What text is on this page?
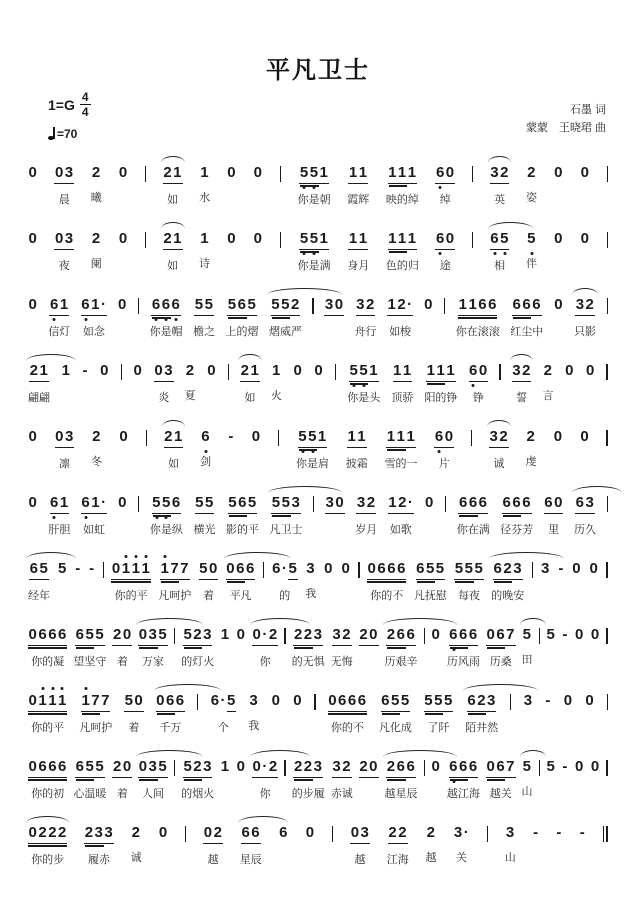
平凡卫士
$1=G \frac{4}{4}$
=70
石墨 词
蒙蒙　王晓珺 曲
0 0 3
晨
2
曦
0 2 1
如
1
水
0 0 5 5 1
你是朝
1 1
霞辉
1 1 1
映的绰
6 0
绰
3 2
英
2
姿
0 0
0 0 3
夜
2
阑
0 2 1
如
1
诗
0 0 5 5 1
你是满
1 1
身月
1 1 1
色的归
6 0
途
6 5
相
5
伴
0 0
0 6 1
信灯
6 1 ·
如念
0 6 6 6
你是帽
5 5
檐之
5 6 5
上的熠
5 5 2
熠威严
3 0 3 2
舟行
1 2 ·
如梭
0 1 1 6 6
你在滚滚
6 6 6
红尘中
0 3 2
只影
2 1
翩翩
1 - 0 0 0 3
炎
2
夏
0 2 1
如
1
火
0 0 5 5 1
你是头
1 1
顶骄
1 1 1
阳的铮
6 0
铮
3 2
誓
2
言
0 0
0 0 3
凛
2
冬
0 2 1
如
6
剑
- 0	5 5 1
你是肩
1 1
披霜
1 1 1
雪的一
6 0
片
3 2
诚
2
虔
0 0
0 6 1
肝胆
6 1 ·
如虹
0 5 5 6
你是纵
5 5
横光
5 6 5
影的平
5 5 3
凡卫士
3 0 3 2
岁月
1 2 ·
如歌
0 6 6 6
你在满
6 6 6
径芬芳
6 0
里
6 3
历久
6 5
经年
5 - - 0 1 1 1
你的平
1 7 7
凡呵护
5 0
着
0 6 6
平凡
6 · 5
的
3
我
0 0 0 6 6 6
你的不
6 5 5
凡抚慰
5 5 5
每夜
6 2 3
的晚安
3 - 0 0
0 6 6 6
你的凝
6 5 5
望坚守
2 0
着
0 3 5
万家
5 2 3
的灯火
1 0 0 · 2
你
2 2 3
的无惧
3 2
无悔
2 0 2 6 6
历艰辛
0 6 6 6
历风雨
0 6 7
历桑
5
田
5 - 0 0
0 1 1 1
你的平
1 7 7
凡呵护
5 0
着
0 6 6
千万
6 · 5
个
3
我
0 0 0 6 6 6
你的不
6 5 5
凡化成
5 5 5
了阡
6 2 3
陌井然
3 - 0 0
0 6 6 6
你的初
6 5 5
心温暖
2 0
着
0 3 5
人间
5 2 3
的烟火
1 0 0 · 2
你
2 2 3
的步履
3 2
赤诚
2 0 2 6 6
越星辰
0 6 6 6
越江海
0 6 7
越关
5
山
5 - 0 0
0 2 2 2
你的步
2 3 3
履赤
2
诚
0 0 2
越
6 6
星辰
6 0 0 3
越
2 2
江海
2
越
3 ·
关
3
山
- - -
